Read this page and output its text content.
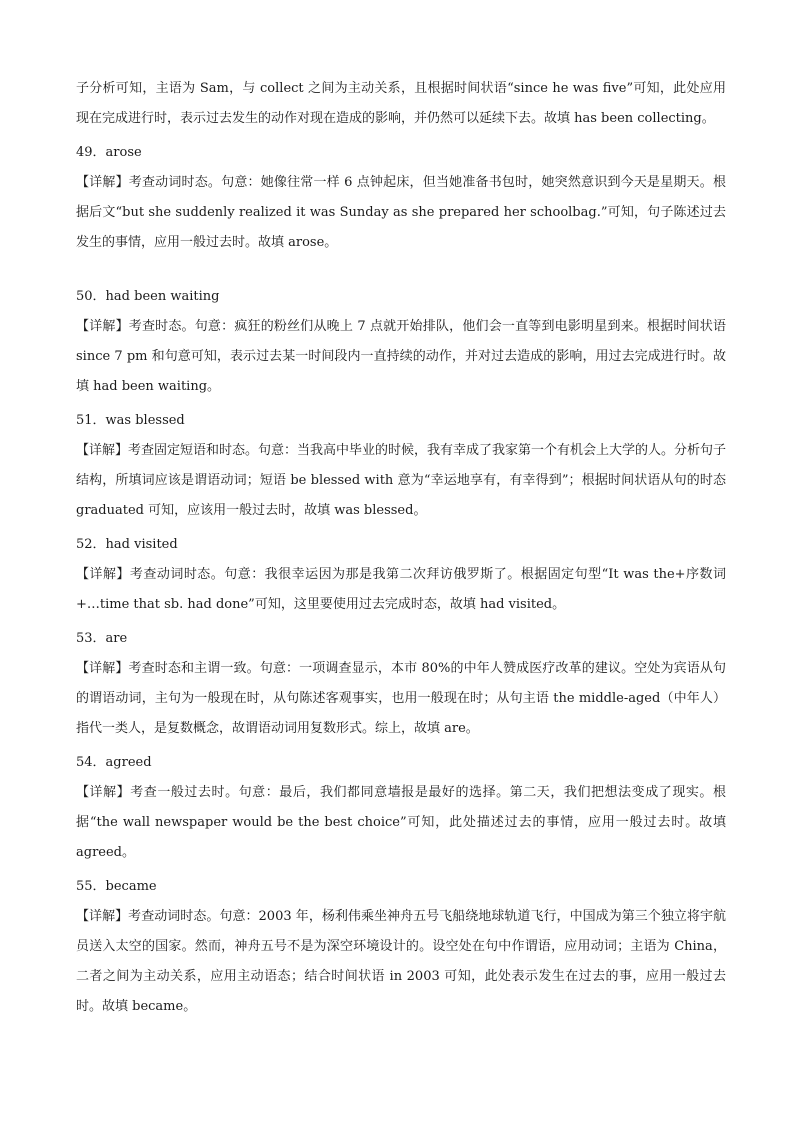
子分析可知，主语为 Sam，与 collect 之间为主动关系，且根据时间状语“since he was five”可知，此处应用现在完成进行时，表示过去发生的动作对现在造成的影响，并仍然可以延续下去。故填 has been collecting。

49．arose

【详解】考查动词时态。句意：她像往常一样 6 点钟起床，但当她准备书包时，她突然意识到今天是星期天。根据后文“but she suddenly realized it was Sunday as she prepared her schoolbag.”可知，句子陈述过去发生的事情，应用一般过去时。故填 arose。

50．had been waiting

【详解】考查时态。句意：疯狂的粉丝们从晚上 7 点就开始排队，他们会一直等到电影明星到来。根据时间状语 since 7 pm 和句意可知，表示过去某一时间段内一直持续的动作，并对过去造成的影响，用过去完成进行时。故填 had been waiting。

51．was blessed

【详解】考查固定短语和时态。句意：当我高中毕业的时候，我有幸成了我家第一个有机会上大学的人。分析句子结构，所填词应该是谓语动词；短语 be blessed with 意为“幸运地享有，有幸得到”；根据时间状语从句的时态 graduated 可知，应该用一般过去时，故填 was blessed。

52．had visited

【详解】考查动词时态。句意：我很幸运因为那是我第二次拜访俄罗斯了。根据固定句型“It was the+序数词+…time that sb. had done”可知，这里要使用过去完成时态，故填 had visited。

53．are

【详解】考查时态和主谓一致。句意：一项调查显示，本市 80%的中年人赞成医疗改革的建议。空处为宾语从句的谓语动词，主句为一般现在时，从句陈述客观事实，也用一般现在时；从句主语 the middle-aged（中年人）指代一类人，是复数概念，故谓语动词用复数形式。综上，故填 are。

54．agreed

【详解】考查一般过去时。句意：最后，我们都同意墙报是最好的选择。第二天，我们把想法变成了现实。根据“the wall newspaper would be the best choice”可知，此处描述过去的事情，应用一般过去时。故填 agreed。

55．became

【详解】考查动词时态。句意：2003 年，杨利伟乘坐神舟五号飞船绕地球轨道飞行，中国成为第三个独立将宇航员送入太空的国家。然而，神舟五号不是为深空环境设计的。设空处在句中作谓语，应用动词；主语为 China，二者之间为主动关系，应用主动语态；结合时间状语 in 2003 可知，此处表示发生在过去的事，应用一般过去时。故填 became。
